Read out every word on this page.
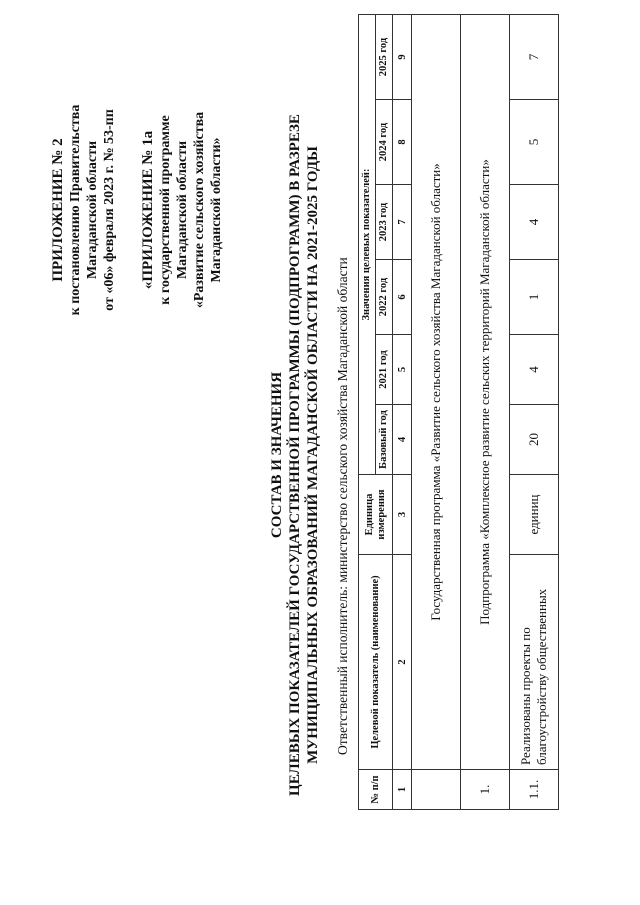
ПРИЛОЖЕНИЕ № 2 к постановлению Правительства Магаданской области от «06» февраля 2023 г. № 53-пп «ПРИЛОЖЕНИЕ № 1а к государственной программе Магаданской области «Развитие сельского хозяйства Магаданской области»
СОСТАВ И ЗНАЧЕНИЯ ЦЕЛЕВЫХ ПОКАЗАТЕЛЕЙ ГОСУДАРСТВЕННОЙ ПРОГРАММЫ (ПОДПРОГРАММ) В РАЗРЕЗЕ МУНИЦИПАЛЬНЫХ ОБРАЗОВАНИЙ МАГАДАНСКОЙ ОБЛАСТИ НА 2021-2025 ГОДЫ Ответственный исполнитель: министерство сельского хозяйства Магаданской области
№ п/п	Целевой показатель (наименование)	Единица измерения	Значения целевых показателей:					
			Базовый год	2021 год	2022 год	2023 год	2024 год	2025 год
1	2	3	4	5	6	7	8	9
	Государственная программа «Развитие сельского хозяйства Магаданской области»							
1.	Подпрограмма «Комплексное развитие сельских территорий Магаданской области»							
1.1.	Реализованы проекты по благоустройству общественных	единиц	20	4	1	4	5	7
